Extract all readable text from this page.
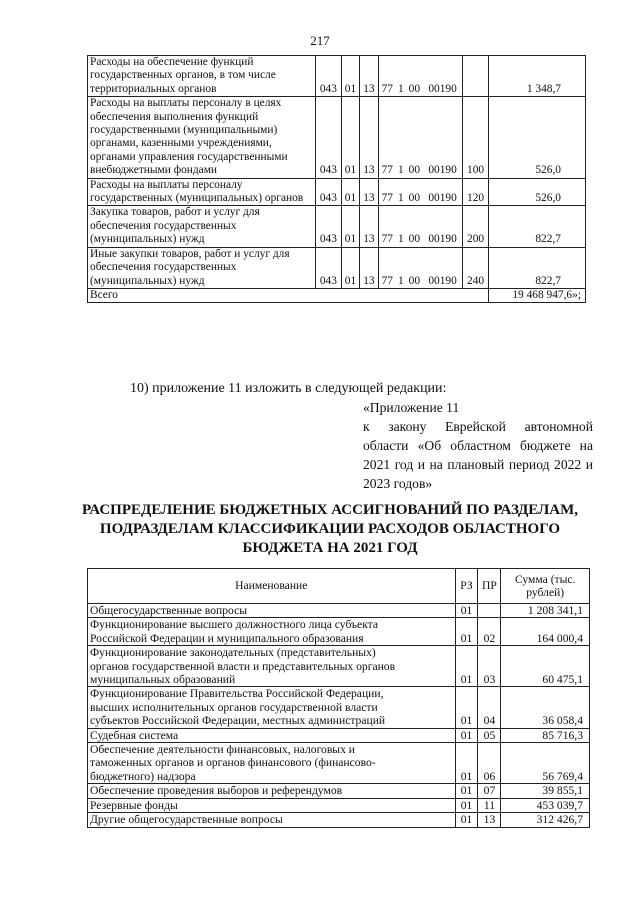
217
Расходы на обеспечение функций государственных органов, в том числе территориальных органов	043	01	13	77	1	00	00190		1 348,7
Расходы на выплаты персоналу в целях обеспечения выполнения функций государственными (муниципальными) органами, казенными учреждениями, органами управления государственными внебюджетными фондами	043	01	13	77	1	00	00190	100	526,0
Расходы на выплаты персоналу государственных (муниципальных) органов	043	01	13	77	1	00	00190	120	526,0
Закупка товаров, работ и услуг для обеспечения государственных (муниципальных) нужд	043	01	13	77	1	00	00190	200	822,7
Иные закупки товаров, работ и услуг для обеспечения государственных (муниципальных) нужд	043	01	13	77	1	00	00190	240	822,7
Всего									19 468 947,6»;
10) приложение 11 изложить в следующей редакции:
«Приложение 11
к закону Еврейской автономной области «Об областном бюджете на 2021 год и на плановый период 2022 и 2023 годов»
РАСПРЕДЕЛЕНИЕ БЮДЖЕТНЫХ АССИГНОВАНИЙ ПО РАЗДЕЛАМ, ПОДРАЗДЕЛАМ КЛАССИФИКАЦИИ РАСХОДОВ ОБЛАСТНОГО БЮДЖЕТА НА 2021 ГОД
Наименование	РЗ	ПР	Сумма (тыс. рублей)
Общегосударственные вопросы	01		1 208 341,1
Функционирование высшего должностного лица субъекта
Российской Федерации и муниципального образования	01	02	164 000,4
Функционирование законодательных (представительных)
органов государственной власти и представительных органов
муниципальных образований	01	03	60 475,1
Функционирование Правительства Российской Федерации,
высших исполнительных органов государственной власти
субъектов Российской Федерации, местных администраций	01	04	36 058,4
Судебная система	01	05	85 716,3
Обеспечение деятельности финансовых, налоговых и
таможенных органов и органов финансового (финансово-
бюджетного) надзора	01	06	56 769,4
Обеспечение проведения выборов и референдумов	01	07	39 855,1
Резервные фонды	01	11	453 039,7
Другие общегосударственные вопросы	01	13	312 426,7
